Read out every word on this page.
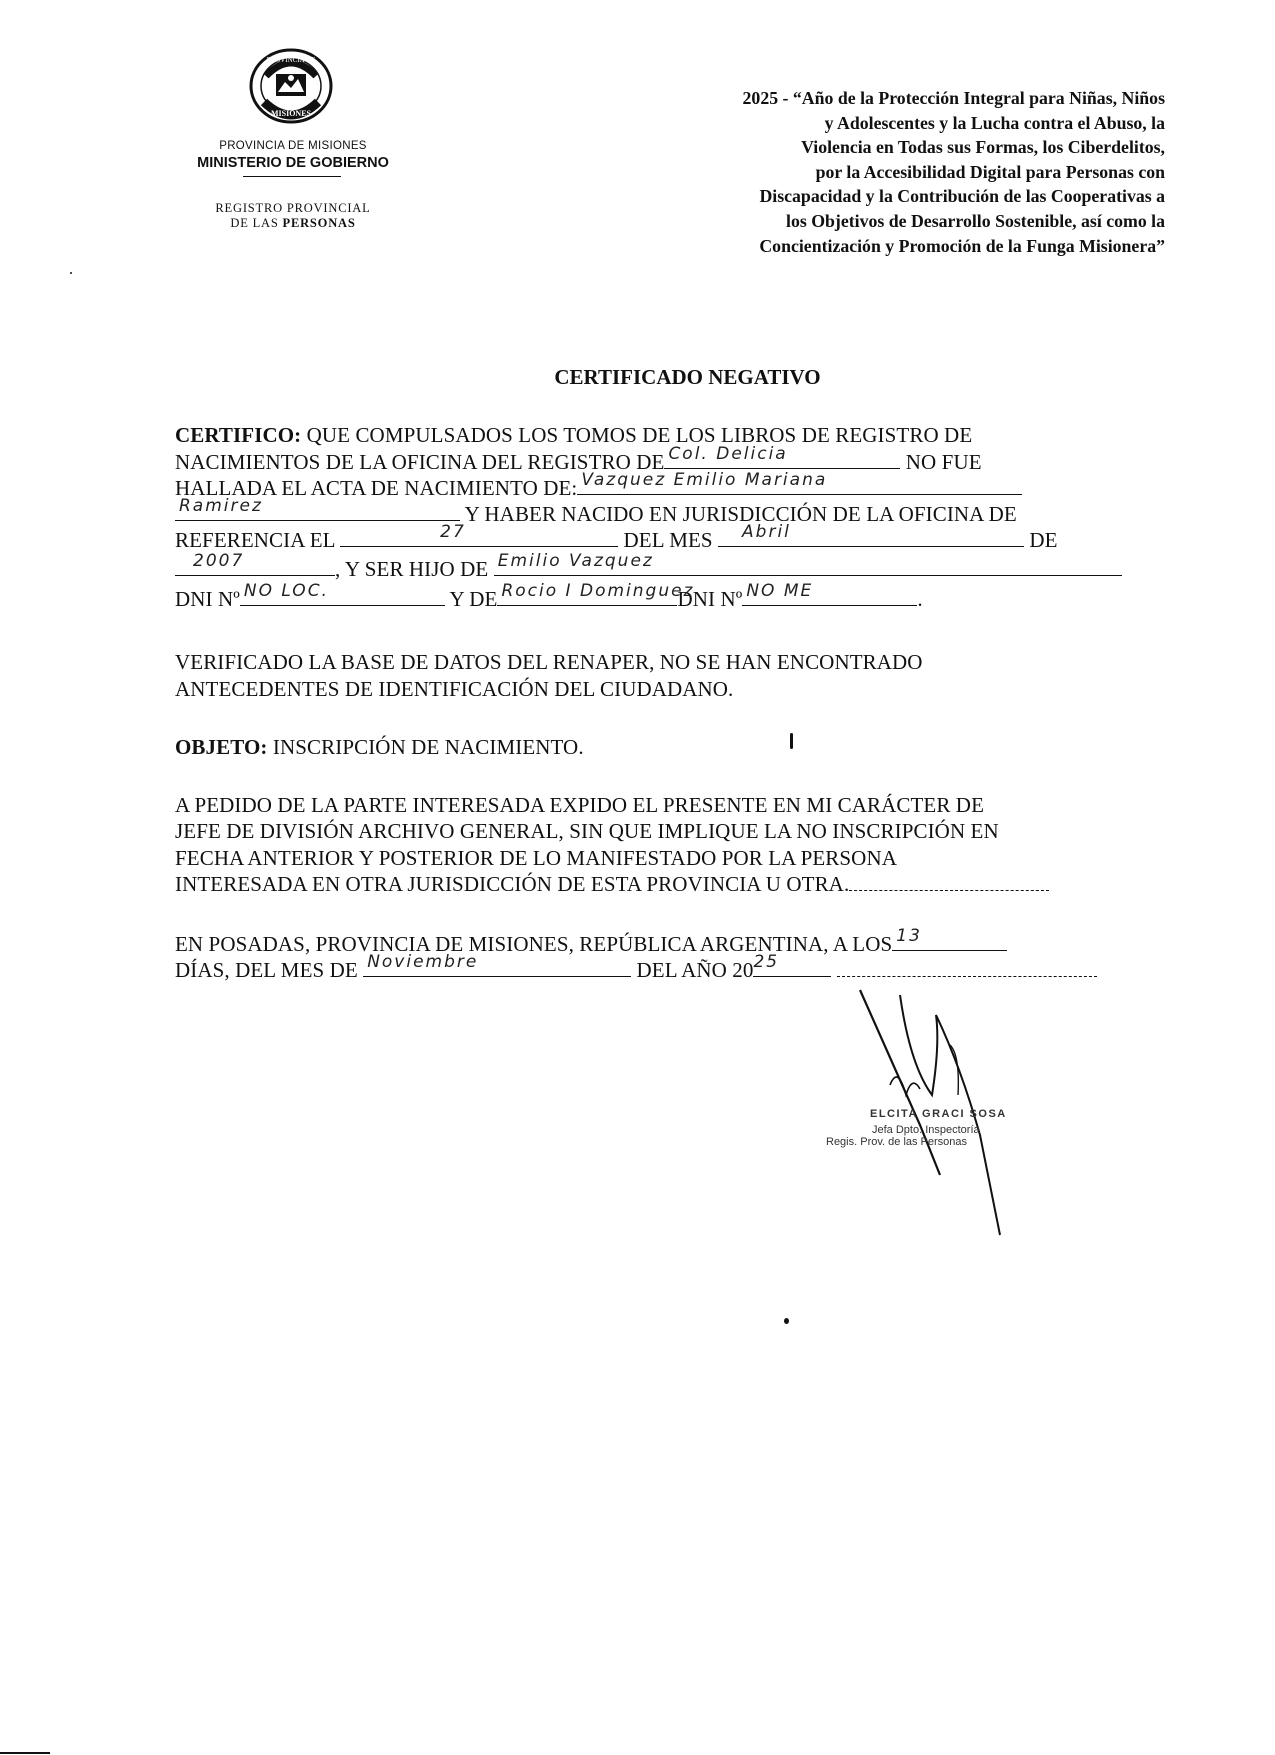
PROVINCIA DE
MISIONES
PROVINCIA DE MISIONES
MINISTERIO DE GOBIERNO
REGISTRO PROVINCIAL
DE LAS PERSONAS
2025 - “Año de la Protección Integral para Niñas, Niños
y Adolescentes y la Lucha contra el Abuso, la
Violencia en Todas sus Formas, los Ciberdelitos,
por la Accesibilidad Digital para Personas con
Discapacidad y la Contribución de las Cooperativas a
los Objetivos de Desarrollo Sostenible, así como la
Concientización y Promoción de la Funga Misionera”
CERTIFICADO NEGATIVO
CERTIFICO: QUE COMPULSADOS LOS TOMOS DE LOS LIBROS DE REGISTRO DE
NACIMIENTOS DE LA OFICINA DEL REGISTRO DE Col. Delicia	NO FUE
HALLADA EL ACTA DE NACIMIENTO DE: Vazquez Emilio Mariana
Ramirez	Y HABER NACIDO EN JURISDICCIÓN DE LA OFICINA DE
REFERENCIA EL	27	DEL MES Abril	DE
2007	, Y SER HIJO DE Emilio Vazquez
DNI Nº NO LOC.	Y DE Rocio I Dominguez
DNI Nº NO ME	.
VERIFICADO LA BASE DE DATOS DEL RENAPER, NO SE HAN ENCONTRADO
ANTECEDENTES DE IDENTIFICACIÓN DEL CIUDADANO.
OBJETO: INSCRIPCIÓN DE NACIMIENTO.
A PEDIDO DE LA PARTE INTERESADA EXPIDO EL PRESENTE EN MI CARÁCTER DE
JEFE DE DIVISIÓN ARCHIVO GENERAL, SIN QUE IMPLIQUE LA NO INSCRIPCIÓN EN
FECHA ANTERIOR Y POSTERIOR DE LO MANIFESTADO POR LA PERSONA
INTERESADA EN OTRA JURISDICCIÓN DE ESTA PROVINCIA U OTRA.
EN POSADAS, PROVINCIA DE MISIONES, REPÚBLICA ARGENTINA, A LOS 13
DÍAS, DEL MES DE Noviembre	DEL AÑO 20 25

ELCITA GRACI SOSA
Jefa Dpto. Inspectoría
Regis. Prov. de las Personas
